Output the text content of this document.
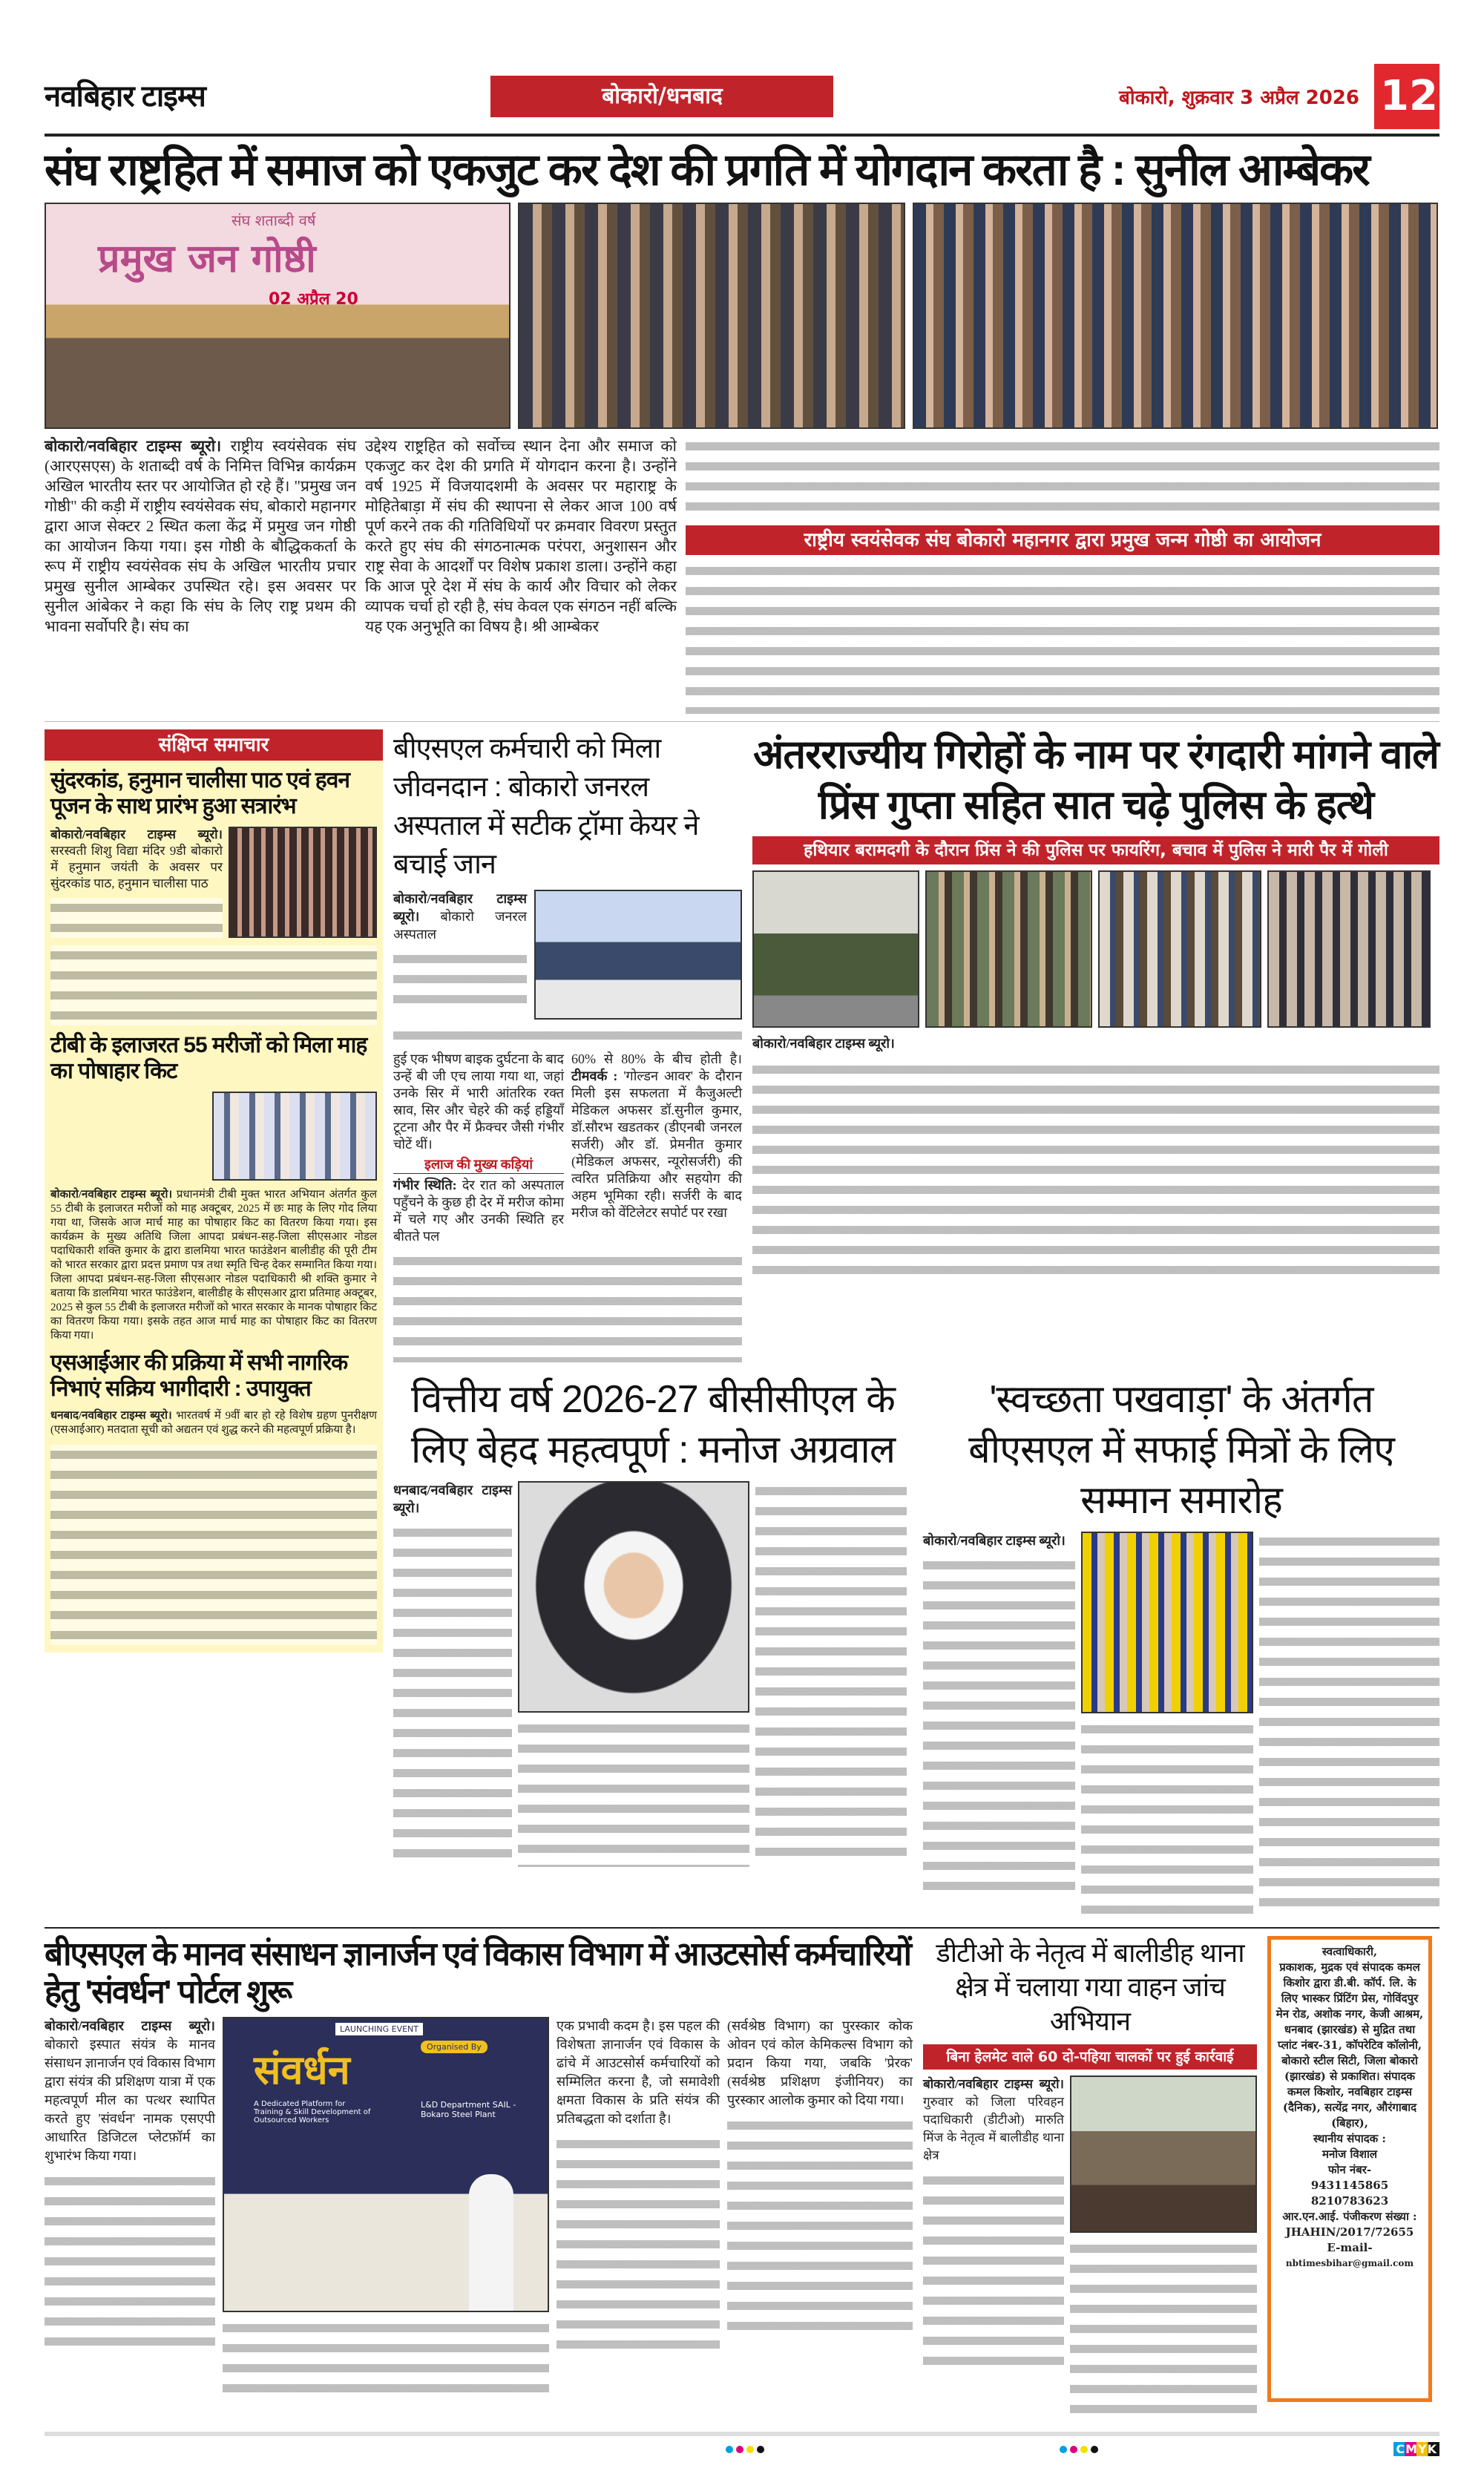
नवबिहार टाइम्स	बोकारो/धनबाद	बोकारो, शुक्रवार 3 अप्रैल 2026 12
संघ राष्ट्रहित में समाज को एकजुट कर देश की प्रगति में योगदान करता है : सुनील आम्बेकर
संघ शताब्दी वर्ष
प्रमुख जन गोष्ठी
02 अप्रैल 20
बोकारो/नवबिहार टाइम्स ब्यूरो। राष्ट्रीय स्वयंसेवक संघ (आरएसएस) के शताब्दी वर्ष के निमित्त विभिन्न कार्यक्रम अखिल भारतीय स्तर पर आयोजित हो रहे हैं। "प्रमुख जन गोष्ठी" की कड़ी में राष्ट्रीय स्वयंसेवक संघ, बोकारो महानगर द्वारा आज सेक्टर 2 स्थित कला केंद्र में प्रमुख जन गोष्ठी का आयोजन किया गया। इस गोष्ठी के बौद्धिककर्ता के रूप में राष्ट्रीय स्वयंसेवक संघ के अखिल भारतीय प्रचार प्रमुख सुनील आम्बेकर उपस्थित रहे। इस अवसर पर सुनील आंबेकर ने कहा कि संघ के लिए राष्ट्र प्रथम की भावना सर्वोपरि है। संघ का
उद्देश्य राष्ट्रहित को सर्वोच्च स्थान देना और समाज को एकजुट कर देश की प्रगति में योगदान करना है। उन्होंने वर्ष 1925 में विजयादशमी के अवसर पर महाराष्ट्र के मोहितेबाड़ा में संघ की स्थापना से लेकर आज 100 वर्ष पूर्ण करने तक की गतिविधियों पर क्रमवार विवरण प्रस्तुत करते हुए संघ की संगठनात्मक परंपरा, अनुशासन और राष्ट्र सेवा के आदर्शों पर विशेष प्रकाश डाला। उन्होंने कहा कि आज पूरे देश में संघ के कार्य और विचार को लेकर व्यापक चर्चा हो रही है, संघ केवल एक संगठन नहीं बल्कि यह एक अनुभूति का विषय है। श्री आम्बेकर
राष्ट्रीय स्वयंसेवक संघ बोकारो महानगर द्वारा प्रमुख जन्म गोष्ठी का आयोजन
संक्षिप्त समाचार
सुंदरकांड, हनुमान चालीसा पाठ एवं हवन पूजन के साथ प्रारंभ हुआ सत्रारंभ
बोकारो/नवबिहार टाइम्स ब्यूरो। सरस्वती शिशु विद्या मंदिर 9डी बोकारो में हनुमान जयंती के अवसर पर सुंदरकांड पाठ, हनुमान चालीसा पाठ
टीबी के इलाजरत 55 मरीजों को मिला माह का पोषाहार किट
बोकारो/नवबिहार टाइम्स ब्यूरो। प्रधानमंत्री टीबी मुक्त भारत अभियान अंतर्गत कुल 55 टीबी के इलाजरत मरीजों को माह अक्टूबर, 2025 में छः माह के लिए गोद लिया गया था, जिसके आज मार्च माह का पोषाहार किट का वितरण किया गया। इस कार्यक्रम के मुख्य अतिथि जिला आपदा प्रबंधन-सह-जिला सीएसआर नोडल पदाधिकारी शक्ति कुमार के द्वारा डालमिया भारत फाउंडेशन बालीडीह की पूरी टीम को भारत सरकार द्वारा प्रदत्त प्रमाण पत्र तथा स्मृति चिन्ह देकर सम्मानित किया गया। जिला आपदा प्रबंधन-सह-जिला सीएसआर नोडल पदाधिकारी श्री शक्ति कुमार ने बताया कि डालमिया भारत फाउंडेशन, बालीडीह के सीएसआर द्वारा प्रतिमाह अक्टूबर, 2025 से कुल 55 टीबी के इलाजरत मरीजों को भारत सरकार के मानक पोषाहार किट का वितरण किया गया। इसके तहत आज मार्च माह का पोषाहार किट का वितरण किया गया।
एसआईआर की प्रक्रिया में सभी नागरिक निभाएं सक्रिय भागीदारी : उपायुक्त
धनबाद/नवबिहार टाइम्स ब्यूरो। भारतवर्ष में 9वीं बार हो रहे विशेष ग्रहण पुनरीक्षण (एसआईआर) मतदाता सूची को अद्यतन एवं शुद्ध करने की महत्वपूर्ण प्रक्रिया है।
बीएसएल कर्मचारी को मिला जीवनदान : बोकारो जनरल अस्पताल में सटीक ट्रॉमा केयर ने बचाई जान
बोकारो/नवबिहार टाइम्स ब्यूरो। बोकारो जनरल अस्पताल
हुई एक भीषण बाइक दुर्घटना के बाद उन्हें बी जी एच लाया गया था, जहां उनके सिर में भारी आंतरिक रक्त स्राव, सिर और चेहरे की कई हड्डियाँ टूटना और पैर में फ्रैक्चर जैसी गंभीर चोटें थीं।
इलाज की मुख्य कड़ियां
गंभीर स्थिति: देर रात को अस्पताल पहुँचने के कुछ ही देर में मरीज कोमा में चले गए और उनकी स्थिति हर बीतते पल
60% से 80% के बीच होती है। टीमवर्क : 'गोल्डन आवर' के दौरान मिली इस सफलता में कैजुअल्टी मेडिकल अफसर डॉ.सुनील कुमार, डॉ.सौरभ खडतकर (डीएनबी जनरल सर्जरी) और डॉ. प्रेमनीत कुमार (मेडिकल अफसर, न्यूरोसर्जरी) की त्वरित प्रतिक्रिया और सहयोग की अहम भूमिका रही। सर्जरी के बाद मरीज को वेंटिलेटर सपोर्ट पर रखा
अंतरराज्यीय गिरोहों के नाम पर रंगदारी मांगने वाले प्रिंस गुप्ता सहित सात चढ़े पुलिस के हत्थे
हथियार बरामदगी के दौरान प्रिंस ने की पुलिस पर फायरिंग, बचाव में पुलिस ने मारी पैर में गोली
बोकारो/नवबिहार टाइम्स ब्यूरो।
वित्तीय वर्ष 2026-27 बीसीसीएल के लिए बेहद महत्वपूर्ण : मनोज अग्रवाल
धनबाद/नवबिहार टाइम्स ब्यूरो।
'स्वच्छता पखवाड़ा' के अंतर्गत बीएसएल में सफाई मित्रों के लिए सम्मान समारोह
बोकारो/नवबिहार टाइम्स ब्यूरो।
बीएसएल के मानव संसाधन ज्ञानार्जन एवं विकास विभाग में आउटसोर्स कर्मचारियों हेतु 'संवर्धन' पोर्टल शुरू
बोकारो/नवबिहार टाइम्स ब्यूरो। बोकारो इस्पात संयंत्र के मानव संसाधन ज्ञानार्जन एवं विकास विभाग द्वारा संयंत्र की प्रशिक्षण यात्रा में एक महत्वपूर्ण मील का पत्थर स्थापित करते हुए 'संवर्धन' नामक एसएपी आधारित डिजिटल प्लेटफ़ॉर्म का शुभारंभ किया गया।
LAUNCHING EVENT
संवर्धन
A Dedicated Platform for Training & Skill Development of Outsourced Workers
Organised By
L&D Department SAIL - Bokaro Steel Plant
एक प्रभावी कदम है। इस पहल की विशेषता ज्ञानार्जन एवं विकास के ढांचे में आउटसोर्स कर्मचारियों को सम्मिलित करना है, जो समावेशी क्षमता विकास के प्रति संयंत्र की प्रतिबद्धता को दर्शाता है।
(सर्वश्रेष्ठ विभाग) का पुरस्कार कोक ओवन एवं कोल केमिकल्स विभाग को प्रदान किया गया, जबकि 'प्रेरक' (सर्वश्रेष्ठ प्रशिक्षण इंजीनियर) का पुरस्कार आलोक कुमार को दिया गया।
डीटीओ के नेतृत्व में बालीडीह थाना क्षेत्र में चलाया गया वाहन जांच अभियान
बिना हेलमेट वाले 60 दो-पहिया चालकों पर हुई कार्रवाई
बोकारो/नवबिहार टाइम्स ब्यूरो। गुरुवार को जिला परिवहन पदाधिकारी (डीटीओ) मारुति मिंज के नेतृत्व में बालीडीह थाना क्षेत्र
स्वत्वाधिकारी,
प्रकाशक, मुद्रक एवं संपादक कमल किशोर द्वारा डी.बी. कॉर्प. लि. के लिए भास्कर प्रिंटिंग प्रेस, गोविंदपुर मेन रोड, अशोक नगर, केजी आश्रम, धनबाद (झारखंड) से मुद्रित तथा प्लांट नंबर-31, कॉपरेटिव कॉलोनी, बोकारो स्टील सिटी, जिला बोकारो (झारखंड) से प्रकाशित। संपादक कमल किशोर, नवबिहार टाइम्स (दैनिक), सत्येंद्र नगर, औरंगाबाद (बिहार),
स्थानीय संपादक :
मनोज विशाल
फोन नंबर-
9431145865
8210783623
आर.एन.आई. पंजीकरण संख्या :
JHAHIN/2017/72655
E-mail-
nbtimesbihar@gmail.com
CMYK
